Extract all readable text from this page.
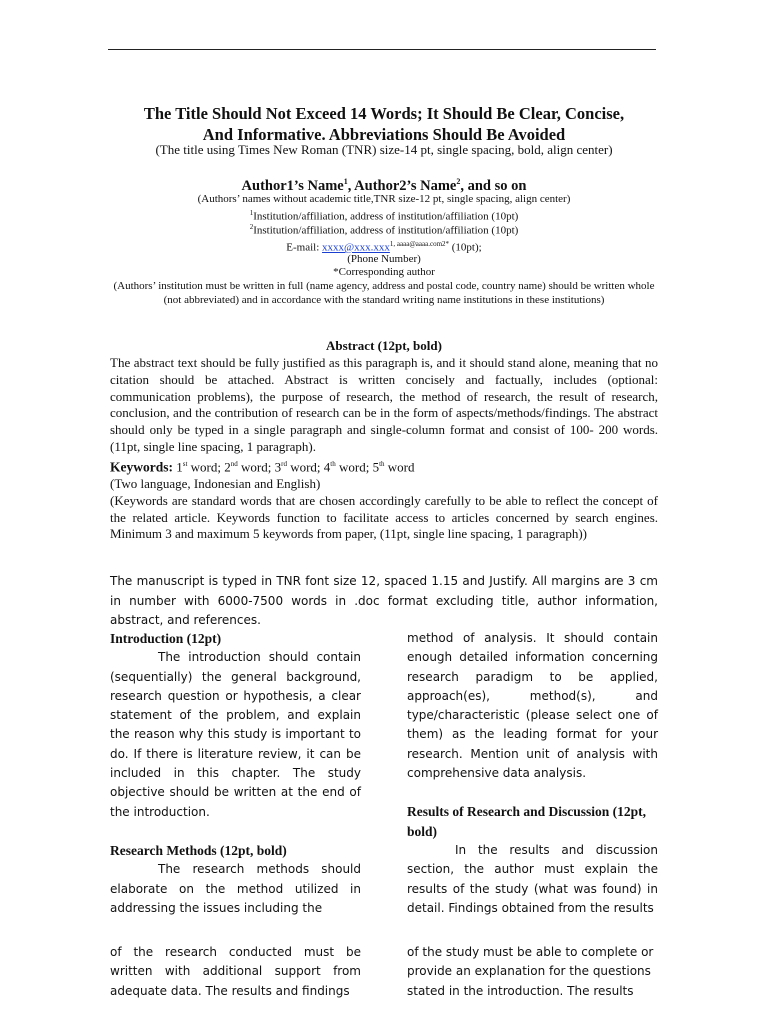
The Title Should Not Exceed 14 Words; It Should Be Clear, Concise,
And Informative. Abbreviations Should Be Avoided
(The title using Times New Roman (TNR) size-14 pt, single spacing, bold, align center)
Author1’s Name$^1$, Author2’s Name$^2$, and so on
(Authors’ names without academic title,TNR size-12 pt, single spacing, align center)
$^1$Institution/affiliation, address of institution/affiliation (10pt)
$^2$Institution/affiliation, address of institution/affiliation (10pt)
E-mail: xxxx@xxx.xxx$^{1, aaaa@aaaa.com2*}$ (10pt);
(Phone Number)
*Corresponding author
(Authors’ institution must be written in full (name agency, address and postal code, country name) should be written whole (not abbreviated) and in accordance with the standard writing name institutions in these institutions)
Abstract (12pt, bold)

The abstract text should be fully justified as this paragraph is, and it should stand alone, meaning that no citation should be attached. Abstract is written concisely and factually, includes (optional: communication problems), the purpose of research, the method of research, the result of research, conclusion, and the contribution of research can be in the form of aspects/methods/findings. The abstract should only be typed in a single paragraph and single-column format and consist of 100- 200 words. (11pt, single line spacing, 1 paragraph).

Keywords: 1st word; 2nd word; 3rd word; 4th word; 5th word

(Two language, Indonesian and English)

(Keywords are standard words that are chosen accordingly carefully to be able to reflect the concept of the related article. Keywords function to facilitate access to articles concerned by search engines. Minimum 3 and maximum 5 keywords from paper, (11pt, single line spacing, 1 paragraph))

The manuscript is typed in TNR font size 12, spaced 1.15 and Justify. All margins are 3 cm in number with 6000-7500 words in .doc format excluding title, author information, abstract, and references.
Introduction (12pt)

The introduction should contain (sequentially) the general background, research question or hypothesis, a clear statement of the problem, and explain the reason why this study is important to do. If there is literature review, it can be included in this chapter. The study objective should be written at the end of the introduction.

Research Methods (12pt, bold)

The research methods should elaborate on the method utilized in addressing the issues including the

of the research conducted must be written with additional support from adequate data. The results and findings

method of analysis. It should contain enough detailed information concerning research paradigm to be applied, approach(es), method(s), and type/characteristic (please select one of them) as the leading format for your research. Mention unit of analysis with comprehensive data analysis.

Results of Research and Discussion (12pt, bold)

In the results and discussion section, the author must explain the results of the study (what was found) in detail. Findings obtained from the results

of the study must be able to complete or provide an explanation for the questions stated in the introduction. The results
